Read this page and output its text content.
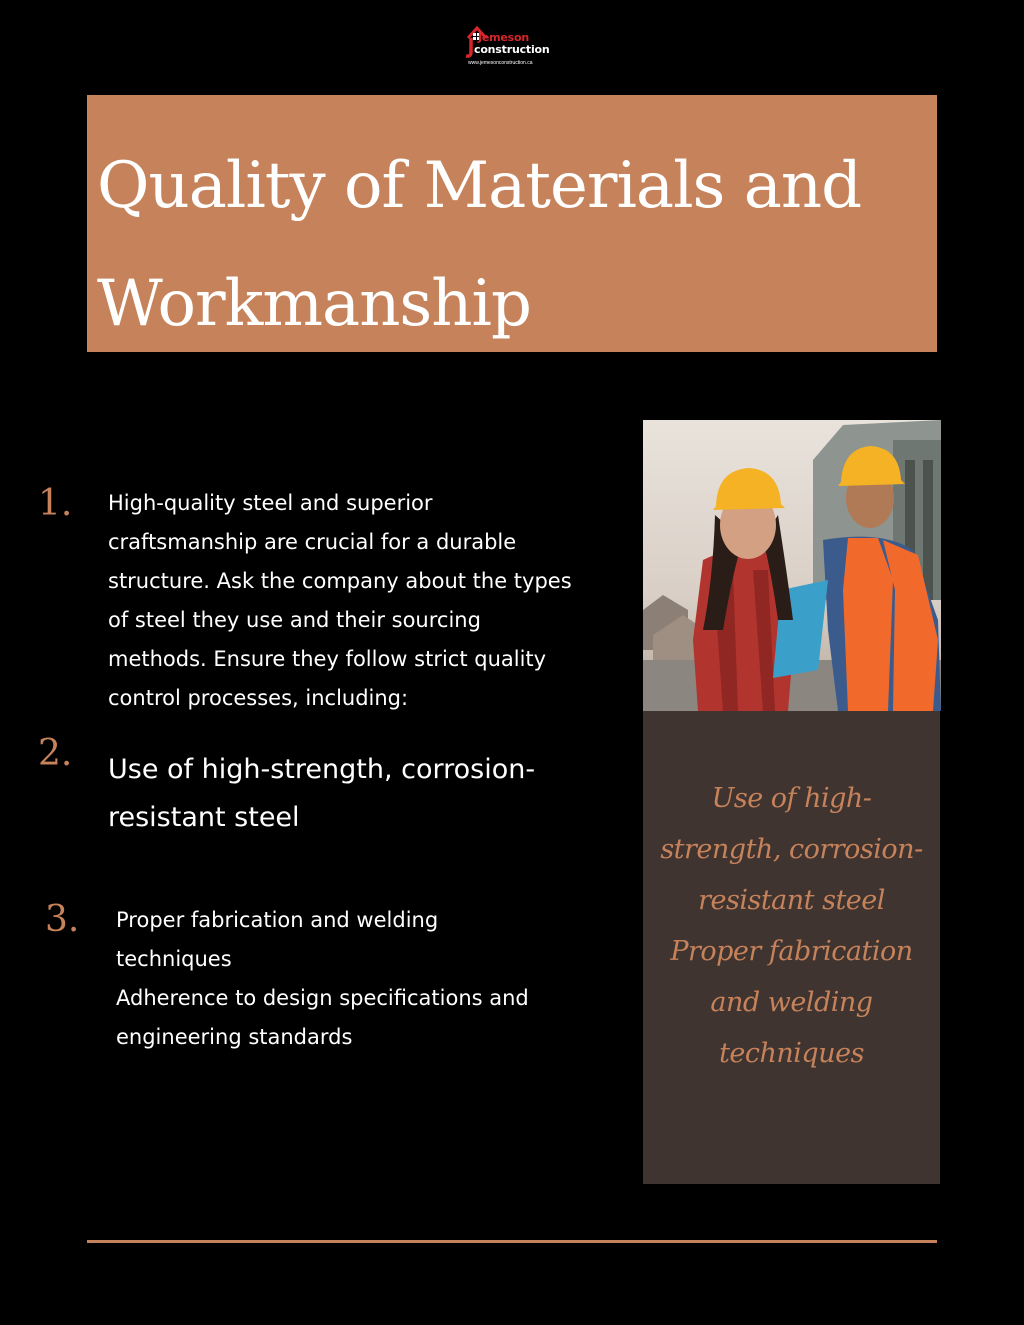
Jemeson
construction
www.jemesonconstruction.ca
Quality of Materials and
Workmanship
1. High-quality steel and superior
craftsmanship are crucial for a durable
structure. Ask the company about the types
of steel they use and their sourcing
methods. Ensure they follow strict quality
control processes, including:
2. Use of high-strength, corrosion-
resistant steel
3. Proper fabrication and welding
techniques
Adherence to design specifications and
engineering standards
Use of high-
strength, corrosion-
resistant steel
Proper fabrication
and welding
techniques
